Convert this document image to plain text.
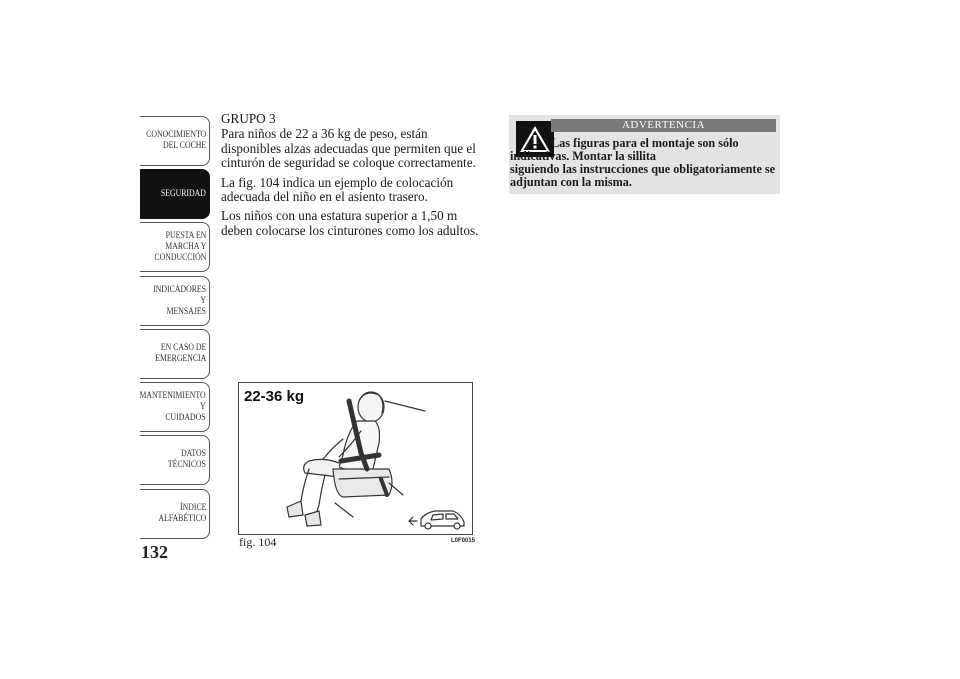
CONOCIMIENTO
DEL COCHE
SEGURIDAD
PUESTA EN
MARCHA Y
CONDUCCIÓN
INDICADORES Y
MENSAJES
EN CASO DE
EMERGENCIA
MANTENIMIENTO Y
CUIDADOS
DATOS TÉCNICOS
ÍNDICE
ALFABÉTICO
132

GRUPO 3

Para niños de 22 a 36 kg de peso, están disponibles alzas adecuadas que permiten que el cinturón de seguridad se coloque correctamente.

La fig. 104 indica un ejemplo de colocación adecuada del niño en el asiento trasero.

Los niños con una estatura superior a 1,50 m deben colocarse los cinturones como los adultos.

ADVERTENCIA
Las figuras para el montaje son sólo indicativas. Montar la sillita
siguiendo las instrucciones que obligatoriamente se adjuntan con la misma.
22-36 kg
fig. 104	L0F0015
